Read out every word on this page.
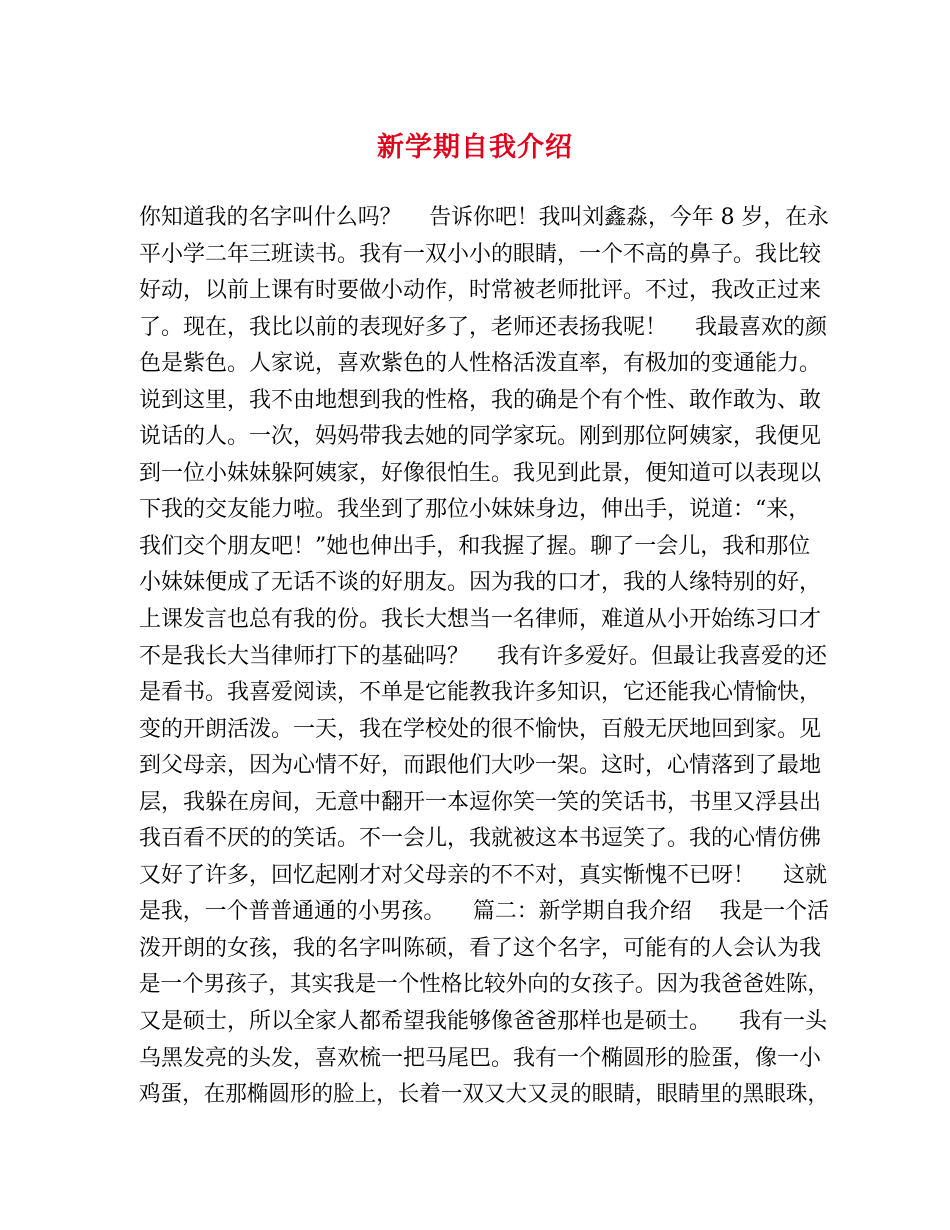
新学期自我介绍
你知道我的名字叫什么吗？    告诉你吧！我叫刘鑫淼，今年 8 岁，在永
平小学二年三班读书。我有一双小小的眼睛，一个不高的鼻子。我比较
好动，以前上课有时要做小动作，时常被老师批评。不过，我改正过来
了。现在，我比以前的表现好多了，老师还表扬我呢！    我最喜欢的颜
色是紫色。人家说，喜欢紫色的人性格活泼直率，有极加的变通能力。
说到这里，我不由地想到我的性格，我的确是个有个性、敢作敢为、敢
说话的人。一次，妈妈带我去她的同学家玩。刚到那位阿姨家，我便见
到一位小妹妹躲阿姨家，好像很怕生。我见到此景，便知道可以表现以
下我的交友能力啦。我坐到了那位小妹妹身边，伸出手，说道：“来，
我们交个朋友吧！”她也伸出手，和我握了握。聊了一会儿，我和那位
小妹妹便成了无话不谈的好朋友。因为我的口才，我的人缘特别的好，
上课发言也总有我的份。我长大想当一名律师，难道从小开始练习口才
不是我长大当律师打下的基础吗？    我有许多爱好。但最让我喜爱的还
是看书。我喜爱阅读，不单是它能教我许多知识，它还能我心情愉快，
变的开朗活泼。一天，我在学校处的很不愉快，百般无厌地回到家。见
到父母亲，因为心情不好，而跟他们大吵一架。这时，心情落到了最地
层，我躲在房间，无意中翻开一本逗你笑一笑的笑话书，书里又浮县出
我百看不厌的的笑话。不一会儿，我就被这本书逗笑了。我的心情仿佛
又好了许多，回忆起刚才对父母亲的不不对，真实惭愧不已呀！    这就
是我，一个普普通通的小男孩。    篇二：新学期自我介绍    我是一个活
泼开朗的女孩，我的名字叫陈硕，看了这个名字，可能有的人会认为我
是一个男孩子，其实我是一个性格比较外向的女孩子。因为我爸爸姓陈，
又是硕士，所以全家人都希望我能够像爸爸那样也是硕士。    我有一头
乌黑发亮的头发，喜欢梳一把马尾巴。我有一个椭圆形的脸蛋，像一小
鸡蛋，在那椭圆形的脸上，长着一双又大又灵的眼睛，眼睛里的黑眼珠，
